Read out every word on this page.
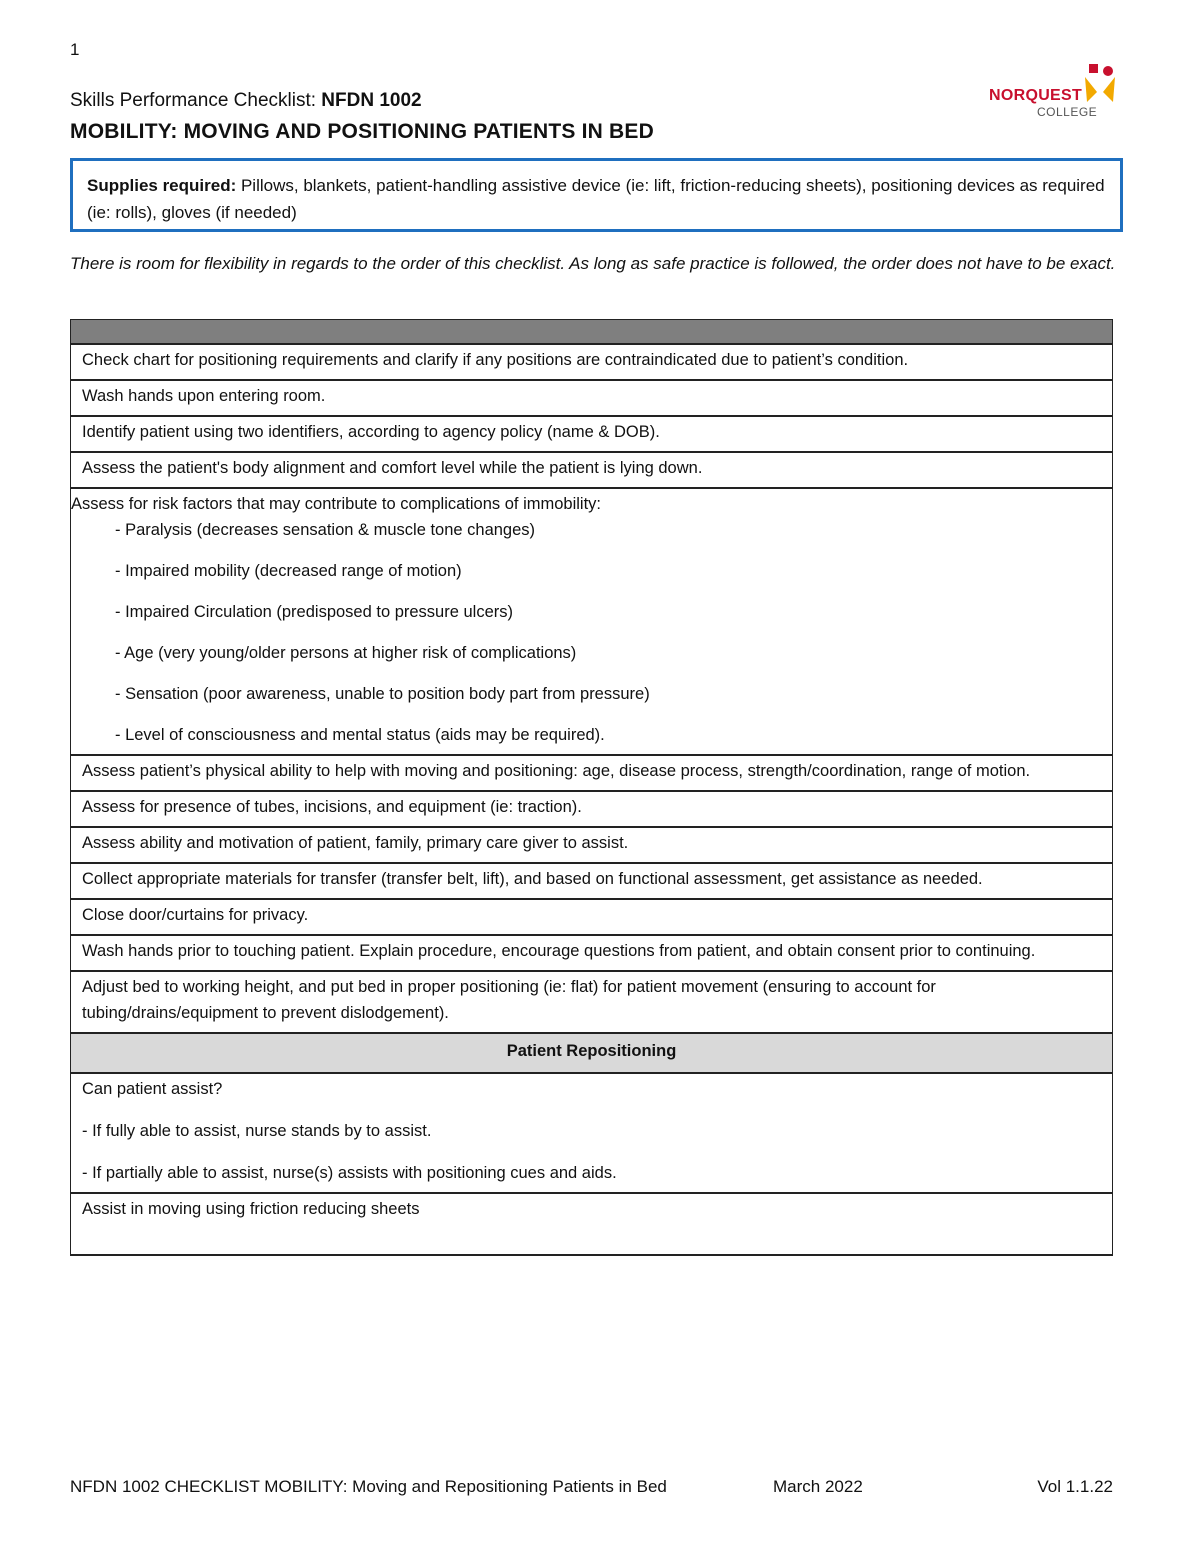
1
Skills Performance Checklist: NFDN 1002
MOBILITY: MOVING AND POSITIONING PATIENTS IN BED
NORQUEST
COLLEGE
Supplies required: Pillows, blankets, patient-handling assistive device (ie: lift, friction-reducing sheets), positioning devices as required (ie: rolls), gloves (if needed)
There is room for flexibility in regards to the order of this checklist. As long as safe practice is followed, the order does not have to be exact.

Check chart for positioning requirements and clarify if any positions are contraindicated due to patient’s condition.
Wash hands upon entering room.
Identify patient using two identifiers, according to agency policy (name & DOB).
Assess the patient's body alignment and comfort level while the patient is lying down.

Assess for risk factors that may contribute to complications of immobility:
- Paralysis (decreases sensation & muscle tone changes)
- Impaired mobility (decreased range of motion)
- Impaired Circulation (predisposed to pressure ulcers)
- Age (very young/older persons at higher risk of complications)
- Sensation (poor awareness, unable to position body part from pressure)
- Level of consciousness and mental status (aids may be required).

Assess patient’s physical ability to help with moving and positioning: age, disease process, strength/coordination, range of motion.
Assess for presence of tubes, incisions, and equipment (ie: traction).
Assess ability and motivation of patient, family, primary care giver to assist.
Collect appropriate materials for transfer (transfer belt, lift), and based on functional assessment, get assistance as needed.
Close door/curtains for privacy.
Wash hands prior to touching patient. Explain procedure, encourage questions from patient, and obtain consent prior to continuing.
Adjust bed to working height, and put bed in proper positioning (ie: flat) for patient movement (ensuring to account for tubing/drains/equipment to prevent dislodgement).
Patient Repositioning

Can patient assist?
- If fully able to assist, nurse stands by to assist.
- If partially able to assist, nurse(s) assists with positioning cues and aids.

Assist in moving using friction reducing sheets
NFDN 1002 CHECKLIST MOBILITY: Moving and Repositioning Patients in Bed	March 2022	Vol 1.1.22
